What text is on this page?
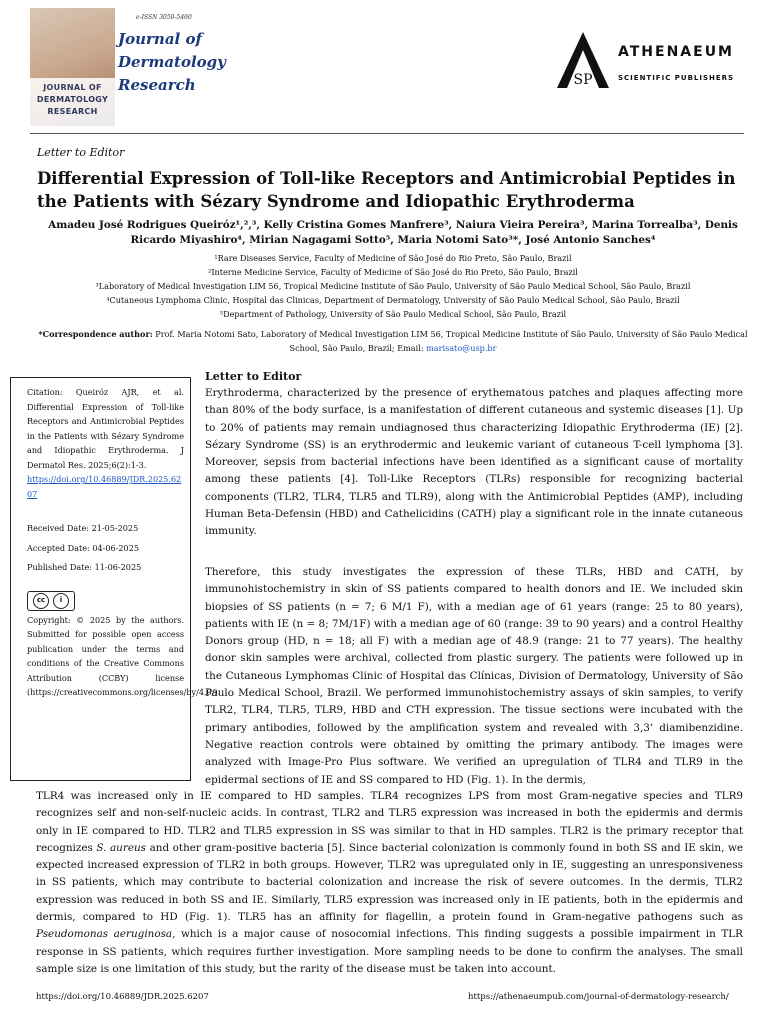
JOURNAL OF
DERMATOLOGY
RESEARCH
e-ISSN 3050-5460
Journal of
Dermatology
Research	SP
ATHENAEUM
SCIENTIFIC PUBLISHERS
Letter to Editor
Differential Expression of Toll-like Receptors and Antimicrobial Peptides in the Patients with Sézary Syndrome and Idiopathic Erythroderma
Amadeu José Rodrigues Queiróz¹,²,³, Kelly Cristina Gomes Manfrere³, Naiura Vieira Pereira³, Marina Torrealba³, Denis Ricardo Miyashiro⁴, Mirian Nagagami Sotto⁵, Maria Notomi Sato³*, José Antonio Sanches⁴
¹Rare Diseases Service, Faculty of Medicine of São José do Rio Preto, São Paulo, Brazil
²Interne Medicine Service, Faculty of Medicine of São José do Rio Preto, São Paulo, Brazil
³Laboratory of Medical Investigation LIM 56, Tropical Medicine Institute of São Paulo, University of São Paulo Medical School, São Paulo, Brazil
⁴Cutaneous Lymphoma Clinic, Hospital das Clinicas, Department of Dermatology, University of São Paulo Medical School, São Paulo, Brazil
⁵Department of Pathology, University of São Paulo Medical School, São Paulo, Brazil
*Correspondence author: Prof. Maria Notomi Sato, Laboratory of Medical Investigation LIM 56, Tropical Medicine Institute of São Paulo, University of São Paulo Medical School, São Paulo, Brazil; Email: marisato@usp.br
Citation: Queiróz AJR, et al. Differential Expression of Toll-like Receptors and Antimicrobial Peptides in the Patients with Sézary Syndrome and Idiopathic Erythroderma. J Dermatol Res. 2025;6(2):1-3.
https://doi.org/10.46889/JDR.2025.6207
Received Date: 21-05-2025
Accepted Date: 04-06-2025
Published Date: 11-06-2025
cc	i
Copyright: © 2025 by the authors. Submitted for possible open access publication under the terms and conditions of the Creative Commons Attribution (CCBY) license (https://creativecommons.org/licenses/by/4.0/).
Letter to Editor
Erythroderma, characterized by the presence of erythematous patches and plaques affecting more than 80% of the body surface, is a manifestation of different cutaneous and systemic diseases [1]. Up to 20% of patients may remain undiagnosed thus characterizing Idiopathic Erythroderma (IE) [2]. Sézary Syndrome (SS) is an erythrodermic and leukemic variant of cutaneous T-cell lymphoma [3]. Moreover, sepsis from bacterial infections have been identified as a significant cause of mortality among these patients [4]. Toll-Like Receptors (TLRs) responsible for recognizing bacterial components (TLR2, TLR4, TLR5 and TLR9), along with the Antimicrobial Peptides (AMP), including Human Beta-Defensin (HBD) and Cathelicidins (CATH) play a significant role in the innate cutaneous immunity.
Therefore, this study investigates the expression of these TLRs, HBD and CATH, by immunohistochemistry in skin of SS patients compared to health donors and IE. We included skin biopsies of SS patients (n = 7; 6 M/1 F), with a median age of 61 years (range: 25 to 80 years), patients with IE (n = 8; 7M/1F) with a median age of 60 (range: 39 to 90 years) and a control Healthy Donors group (HD, n = 18; all F) with a median age of 48.9 (range: 21 to 77 years). The healthy donor skin samples were archival, collected from plastic surgery. The patients were followed up in the Cutaneous Lymphomas Clinic of Hospital das Clínicas, Division of Dermatology, University of São Paulo Medical School, Brazil. We performed immunohistochemistry assays of skin samples, to verify TLR2, TLR4, TLR5, TLR9, HBD and CTH expression. The tissue sections were incubated with the primary antibodies, followed by the amplification system and revealed with 3,3’ diamibenzidine. Negative reaction controls were obtained by omitting the primary antibody. The images were analyzed with Image-Pro Plus software. We verified an upregulation of TLR4 and TLR9 in the epidermal sections of IE and SS compared to HD (Fig. 1). In the dermis,
TLR4 was increased only in IE compared to HD samples. TLR4 recognizes LPS from most Gram-negative species and TLR9 recognizes self and non-self-nucleic acids. In contrast, TLR2 and TLR5 expression was increased in both the epidermis and dermis only in IE compared to HD. TLR2 and TLR5 expression in SS was similar to that in HD samples. TLR2 is the primary receptor that recognizes S. aureus and other gram-positive bacteria [5]. Since bacterial colonization is commonly found in both SS and IE skin, we expected increased expression of TLR2 in both groups. However, TLR2 was upregulated only in IE, suggesting an unresponsiveness in SS patients, which may contribute to bacterial colonization and increase the risk of severe outcomes. In the dermis, TLR2 expression was reduced in both SS and IE. Similarly, TLR5 expression was increased only in IE patients, both in the epidermis and dermis, compared to HD (Fig. 1). TLR5 has an affinity for flagellin, a protein found in Gram-negative pathogens such as Pseudomonas aeruginosa, which is a major cause of nosocomial infections. This finding suggests a possible impairment in TLR response in SS patients, which requires further investigation. More sampling needs to be done to confirm the analyses. The small sample size is one limitation of this study, but the rarity of the disease must be taken into account.
https://doi.org/10.46889/JDR.2025.6207	https://athenaeumpub.com/journal-of-dermatology-research/
